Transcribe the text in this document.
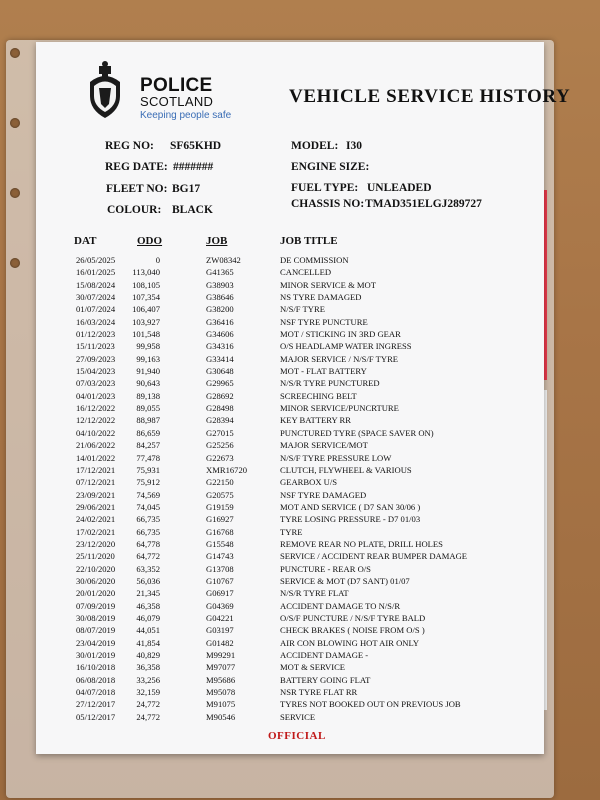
POLICE
SCOTLAND
Keeping people safe
VEHICLE SERVICE HISTORY
REG NO: SF65KHD
REG DATE: #######
FLEET NO: BG17
COLOUR: BLACK
MODEL: I30
ENGINE SIZE:
FUEL TYPE: UNLEADED
CHASSIS NO: TMAD351ELGJ289727
DAT	ODO	JOB	JOB TITLE
26/05/2025	0	ZW08342	DE COMMISSION
16/01/2025 113,040	G41365	CANCELLED
15/08/2024 108,105	G38903	MINOR SERVICE & MOT
30/07/2024 107,354	G38646	NS TYRE DAMAGED
01/07/2024 106,407	G38200	N/S/F TYRE
16/03/2024 103,927	G36416	NSF TYRE PUNCTURE
01/12/2023 101,548	G34606	MOT / STICKING IN 3RD GEAR
15/11/2023	99,958	G34316	O/S HEADLAMP WATER INGRESS
27/09/2023 99,163	G33414	MAJOR SERVICE / N/S/F TYRE
15/04/2023 91,940	G30648	MOT - FLAT BATTERY
07/03/2023 90,643	G29965	N/S/R TYRE PUNCTURED
04/01/2023 89,138	G28692	SCREECHING BELT
16/12/2022 89,055	G28498	MINOR SERVICE/PUNCRTURE
12/12/2022 88,987	G28394	KEY BATTERY RR
04/10/2022 86,659	G27015	PUNCTURED TYRE (SPACE SAVER ON)
21/06/2022 84,257	G25256	MAJOR SERVICE/MOT
14/01/2022 77,478	G22673	N/S/F TYRE PRESSURE LOW
17/12/2021 75,931	XMR16720	CLUTCH, FLYWHEEL & VARIOUS
07/12/2021 75,912	G22150	GEARBOX U/S
23/09/2021 74,569	G20575	NSF TYRE DAMAGED
29/06/2021 74,045	G19159	MOT AND SERVICE ( D7 SAN 30/06 )
24/02/2021 66,735	G16927	TYRE LOSING PRESSURE - D7 01/03
17/02/2021 66,735	G16768	TYRE
23/12/2020 64,778	G15548	REMOVE REAR NO PLATE, DRILL HOLES
25/11/2020	64,772	G14743	SERVICE / ACCIDENT REAR BUMPER DAMAGE
22/10/2020 63,352	G13708	PUNCTURE - REAR O/S
30/06/2020 56,036	G10767	SERVICE & MOT (D7 SANT) 01/07
20/01/2020 21,345	G06917	N/S/R TYRE FLAT
07/09/2019 46,358	G04369	ACCIDENT DAMAGE TO N/S/R
30/08/2019 46,079	G04221	O/S/F PUNCTURE / N/S/F TYRE BALD
08/07/2019 44,051	G03197	CHECK BRAKES ( NOISE FROM O/S )
23/04/2019 41,854	G01482	AIR CON BLOWING HOT AIR ONLY
30/01/2019 40,829	M99291	ACCIDENT DAMAGE -
16/10/2018 36,358	M97077	MOT & SERVICE
06/08/2018 33,256	M95686	BATTERY GOING FLAT
04/07/2018 32,159	M95078	NSR TYRE FLAT RR
27/12/2017 24,772	M91075	TYRES NOT BOOKED OUT ON PREVIOUS JOB
05/12/2017 24,772	M90546	SERVICE
OFFICIAL
